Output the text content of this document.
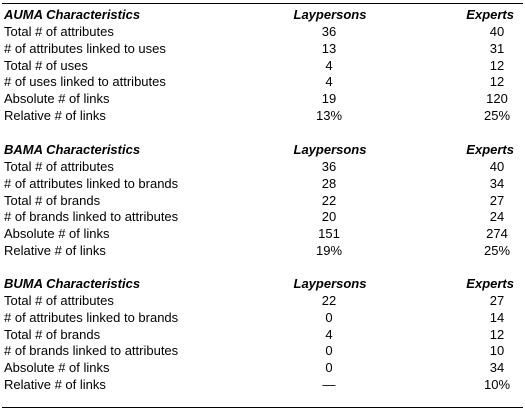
AUMA Characteristics	Laypersons	Experts
Total # of attributes	36	40
# of attributes linked to uses	13	31
Total # of uses	4	12
# of uses linked to attributes	4	12
Absolute # of links	19	120
Relative # of links	13%	25%
BAMA Characteristics	Laypersons	Experts
Total # of attributes	36	40
# of attributes linked to brands	28	34
Total # of brands	22	27
# of brands linked to attributes	20	24
Absolute # of links	151	274
Relative # of links	19%	25%
BUMA Characteristics	Laypersons	Experts
Total # of attributes	22	27
# of attributes linked to brands	0	14
Total # of brands	4	12
# of brands linked to attributes	0	10
Absolute # of links	0	34
Relative # of links	—	10%
